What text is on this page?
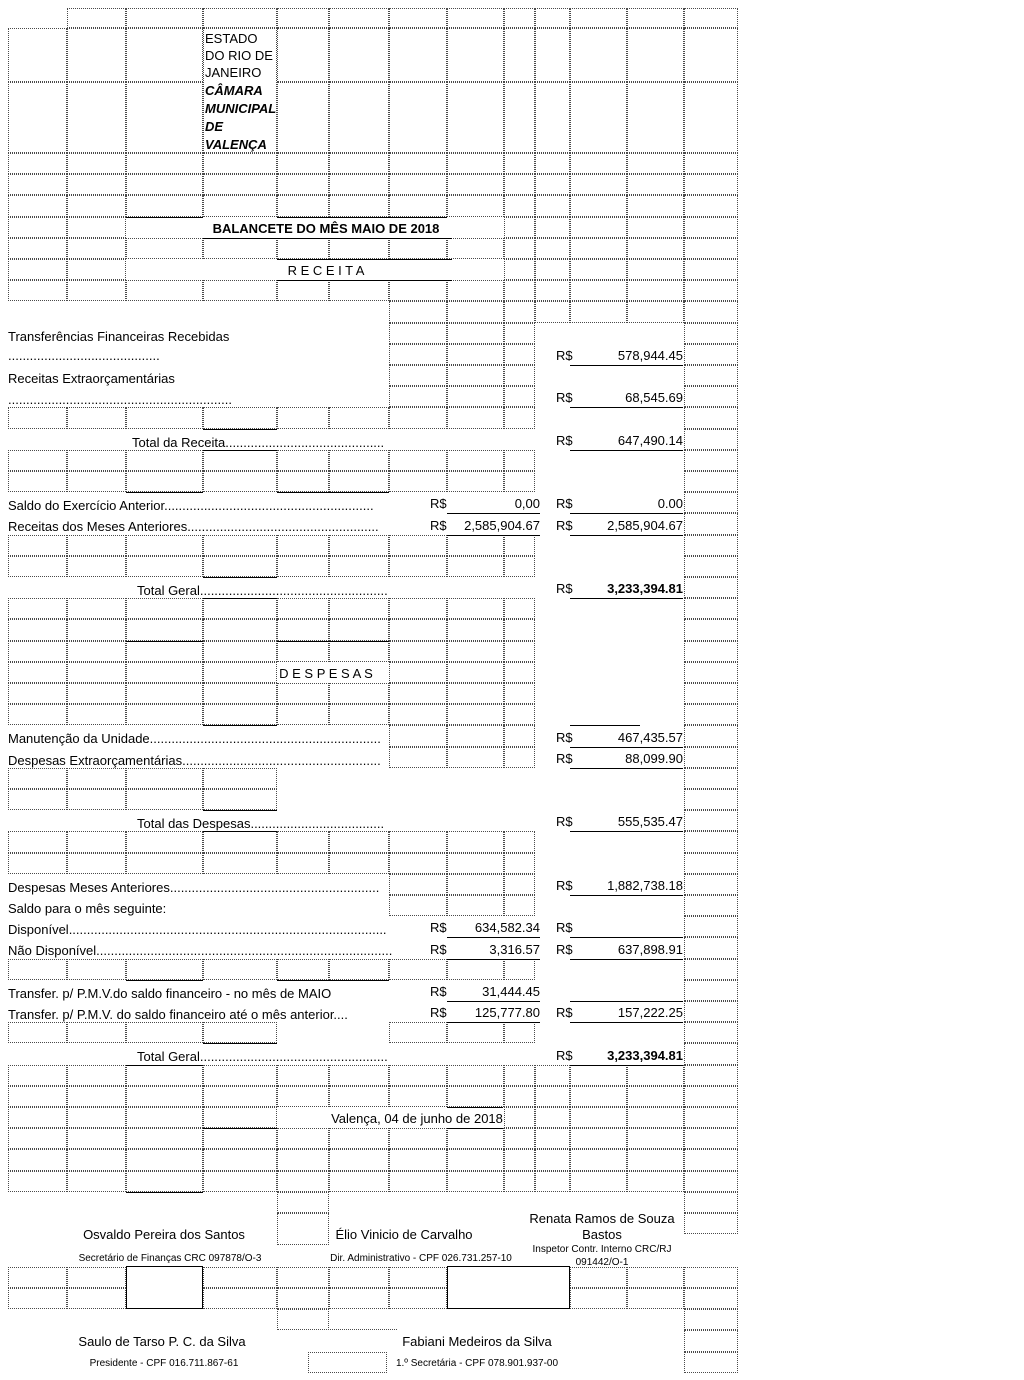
ESTADO
DO RIO DE
JANEIRO
CÂMARA
MUNICIPAL
DE
VALENÇA
BALANCETE DO MÊS MAIO DE 2018
R E C E I T A
D E S P E S A S
Transferências Financeiras Recebidas
..........................................	R$	578,944.45
Receitas Extraorçamentárias
..............................................................	R$	68,545.69
Total da Receita............................................	R$	647,490.14
Saldo do Exercício Anterior..........................................................	R$	0,00 R$	0.00
Receitas dos Meses Anteriores.....................................................	R$	2,585,904.67 R$	2,585,904.67
Total Geral....................................................	R$	3,233,394.81
Manutenção da Unidade................................................................	R$	467,435.57
Despesas Extraorçamentárias.......................................................	R$	88,099.90
Total das Despesas.....................................	R$	555,535.47
Despesas Meses Anteriores..........................................................	R$	1,882,738.18
Saldo para o mês seguinte:
Disponível........................................................................................	R$	634,582.34 R$
Não Disponível..................................................................................	R$	3,316.57 R$	637,898.91
Transfer. p/ P.M.V.do saldo financeiro - no mês de MAIO	R$	31,444.45
Transfer. p/ P.M.V. do saldo financeiro até o mês anterior....	R$	125,777.80 R$	157,222.25
Total Geral....................................................	R$	3,233,394.81
Valença, 04 de junho de 2018
Osvaldo Pereira dos Santos
Secretário de Finanças CRC 097878/O-3
Élio Vinicio de Carvalho
Dir. Administrativo - CPF 026.731.257-10
Renata Ramos de Souza
Bastos
Inspetor Contr. Interno CRC/RJ
091442/O-1
Saulo de Tarso P. C. da Silva
Presidente - CPF 016.711.867-61
Fabiani Medeiros da Silva
1.º Secretária - CPF 078.901.937-00
